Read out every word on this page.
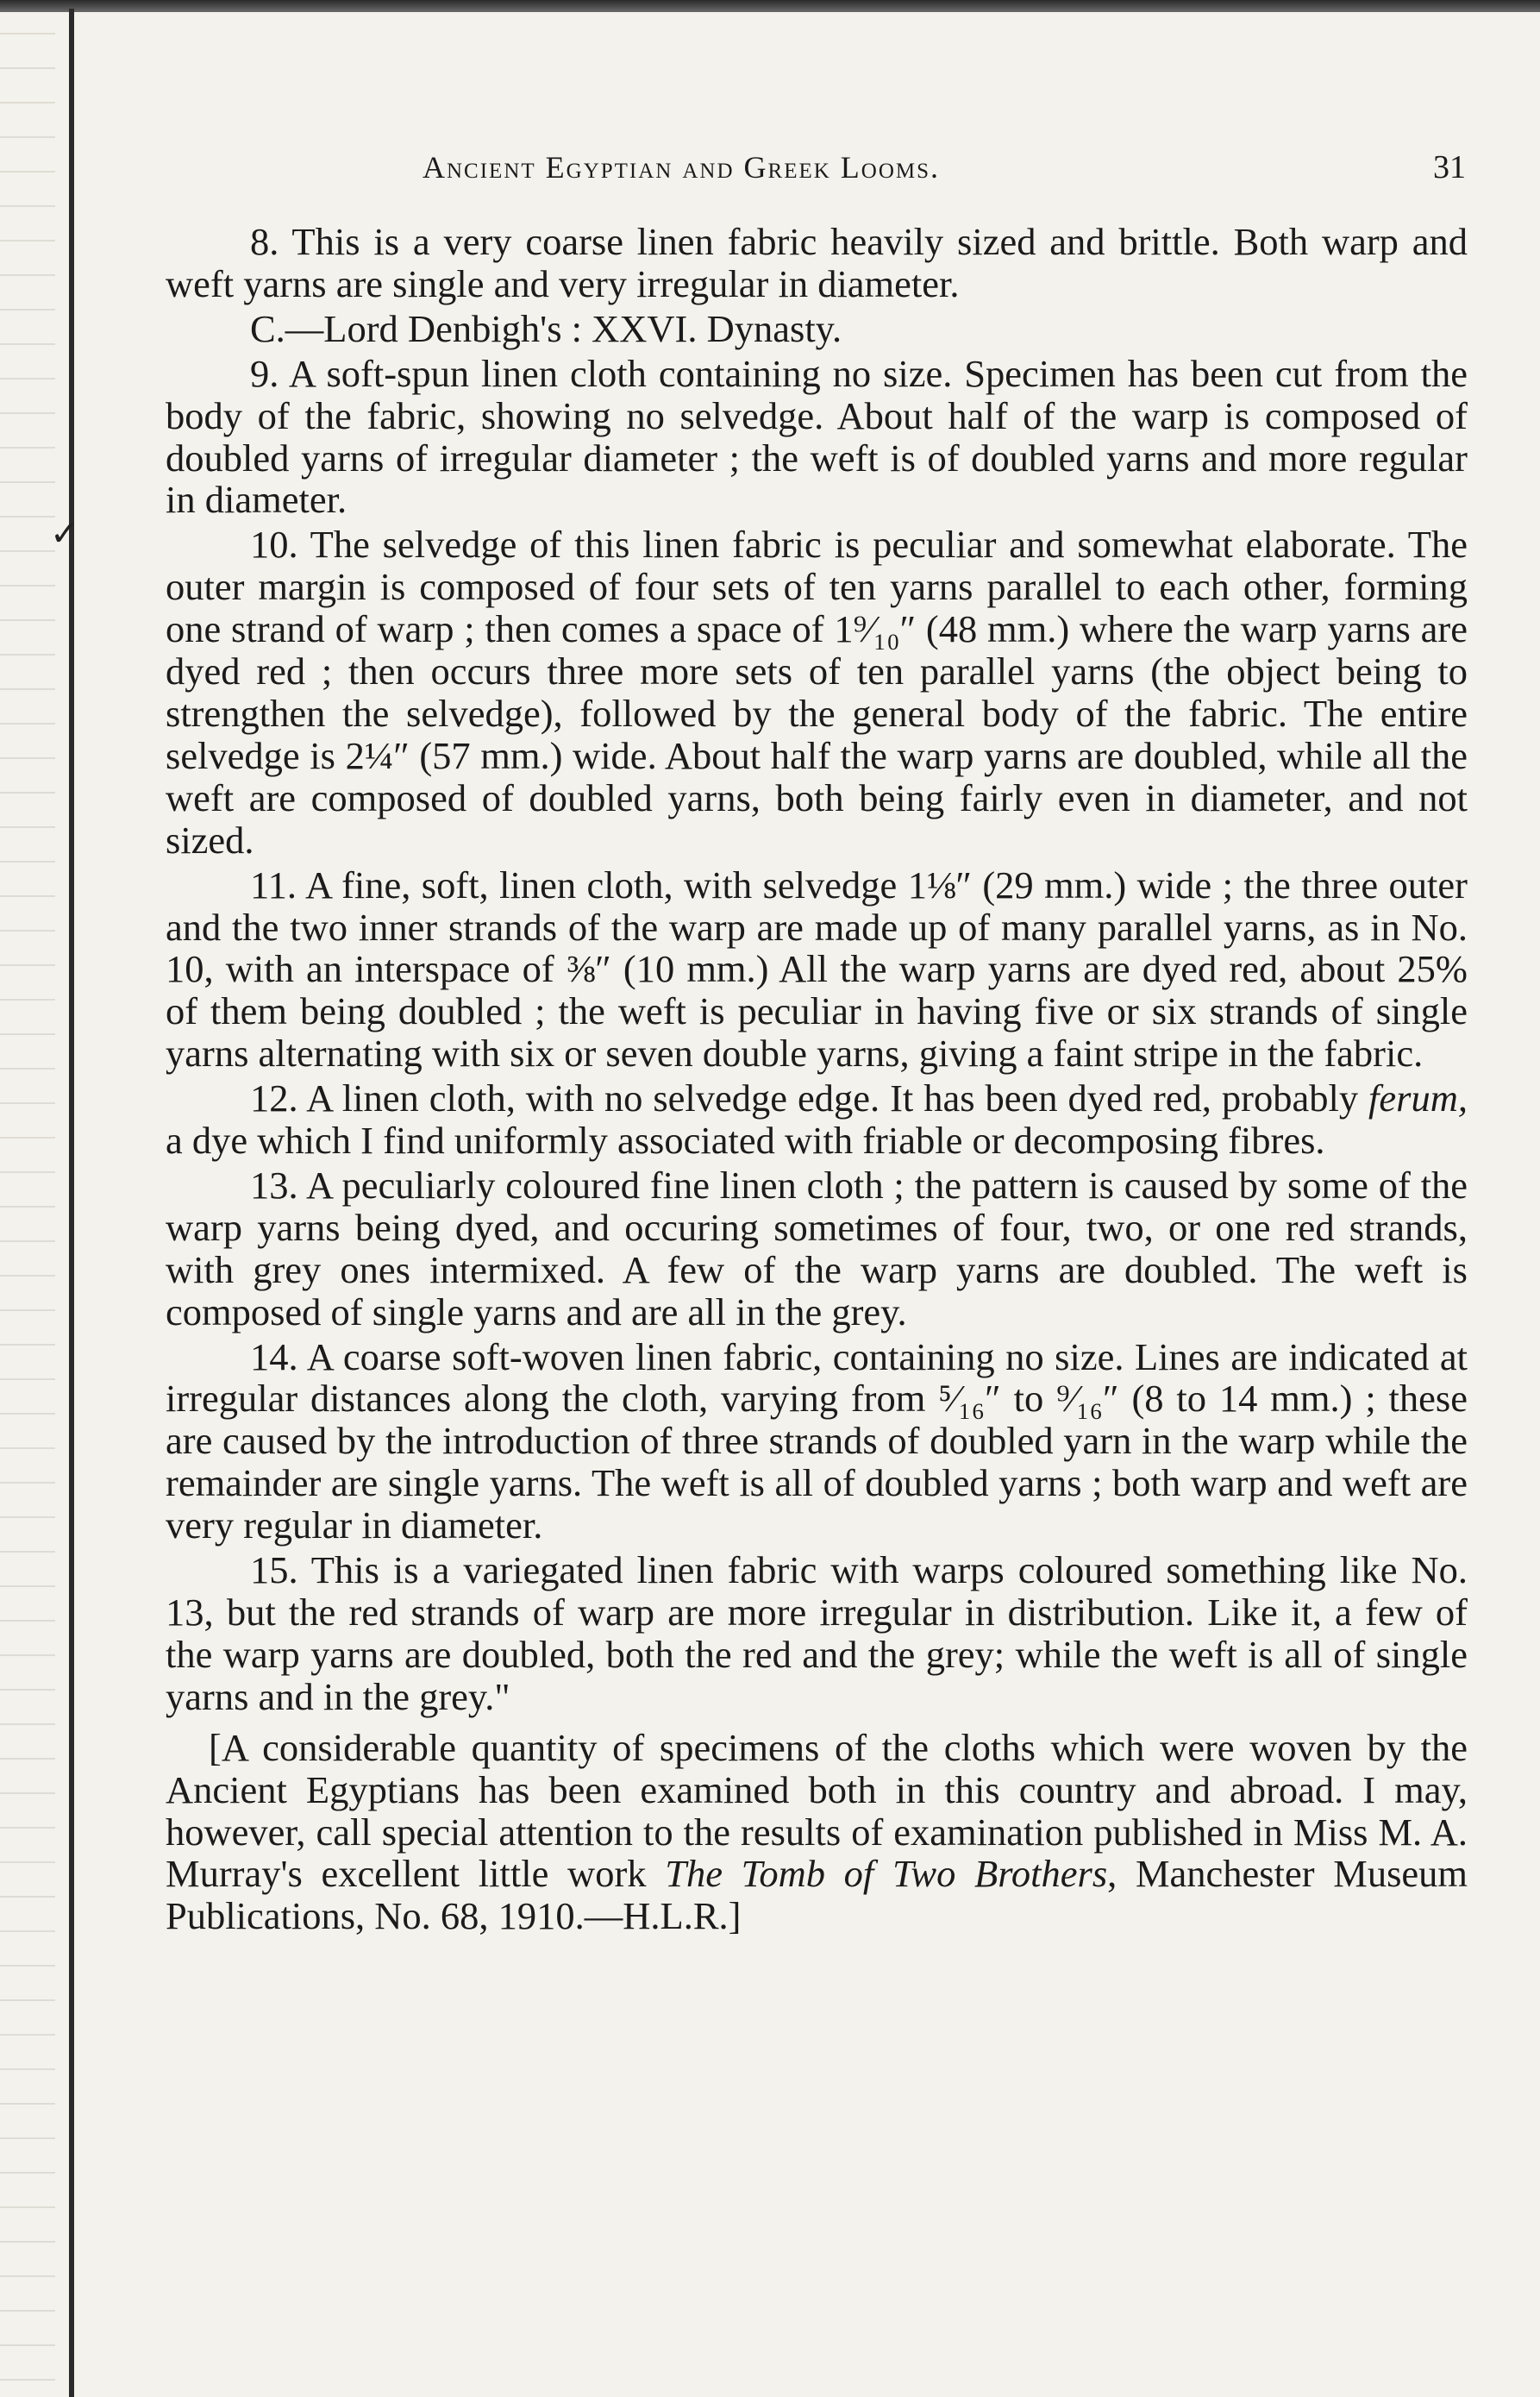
✓
Ancient Egyptian and Greek Looms.	31

8. This is a very coarse linen fabric heavily sized and brittle. Both warp and weft yarns are single and very irregular in diameter.

C.—Lord Denbigh's : XXVI. Dynasty.

9. A soft-spun linen cloth containing no size. Specimen has been cut from the body of the fabric, showing no selvedge. About half of the warp is composed of doubled yarns of irregular diameter ; the weft is of doubled yarns and more regular in diameter.

10. The selvedge of this linen fabric is peculiar and somewhat elaborate. The outer margin is composed of four sets of ten yarns parallel to each other, forming one strand of warp ; then comes a space of 1⁹⁄₁₀″ (48 mm.) where the warp yarns are dyed red ; then occurs three more sets of ten parallel yarns (the object being to strengthen the selvedge), followed by the general body of the fabric. The entire selvedge is 2¼″ (57 mm.) wide. About half the warp yarns are doubled, while all the weft are composed of doubled yarns, both being fairly even in diameter, and not sized.

11. A fine, soft, linen cloth, with selvedge 1⅛″ (29 mm.) wide ; the three outer and the two inner strands of the warp are made up of many parallel yarns, as in No. 10, with an interspace of ⅜″ (10 mm.) All the warp yarns are dyed red, about 25% of them being doubled ; the weft is peculiar in having five or six strands of single yarns alternating with six or seven double yarns, giving a faint stripe in the fabric.

12. A linen cloth, with no selvedge edge. It has been dyed red, probably ferum, a dye which I find uniformly associated with friable or decomposing fibres.

13. A peculiarly coloured fine linen cloth ; the pattern is caused by some of the warp yarns being dyed, and occuring sometimes of four, two, or one red strands, with grey ones intermixed. A few of the warp yarns are doubled. The weft is composed of single yarns and are all in the grey.

14. A coarse soft-woven linen fabric, containing no size. Lines are indicated at irregular distances along the cloth, varying from ⁵⁄₁₆″ to ⁹⁄₁₆″ (8 to 14 mm.) ; these are caused by the introduction of three strands of doubled yarn in the warp while the remainder are single yarns. The weft is all of doubled yarns ; both warp and weft are very regular in diameter.

15. This is a variegated linen fabric with warps coloured something like No. 13, but the red strands of warp are more irregular in distribution. Like it, a few of the warp yarns are doubled, both the red and the grey; while the weft is all of single yarns and in the grey."

[A considerable quantity of specimens of the cloths which were woven by the Ancient Egyptians has been examined both in this country and abroad. I may, however, call special attention to the results of examination published in Miss M. A. Murray's excellent little work The Tomb of Two Brothers, Manchester Museum Publications, No. 68, 1910.—H.L.R.]
